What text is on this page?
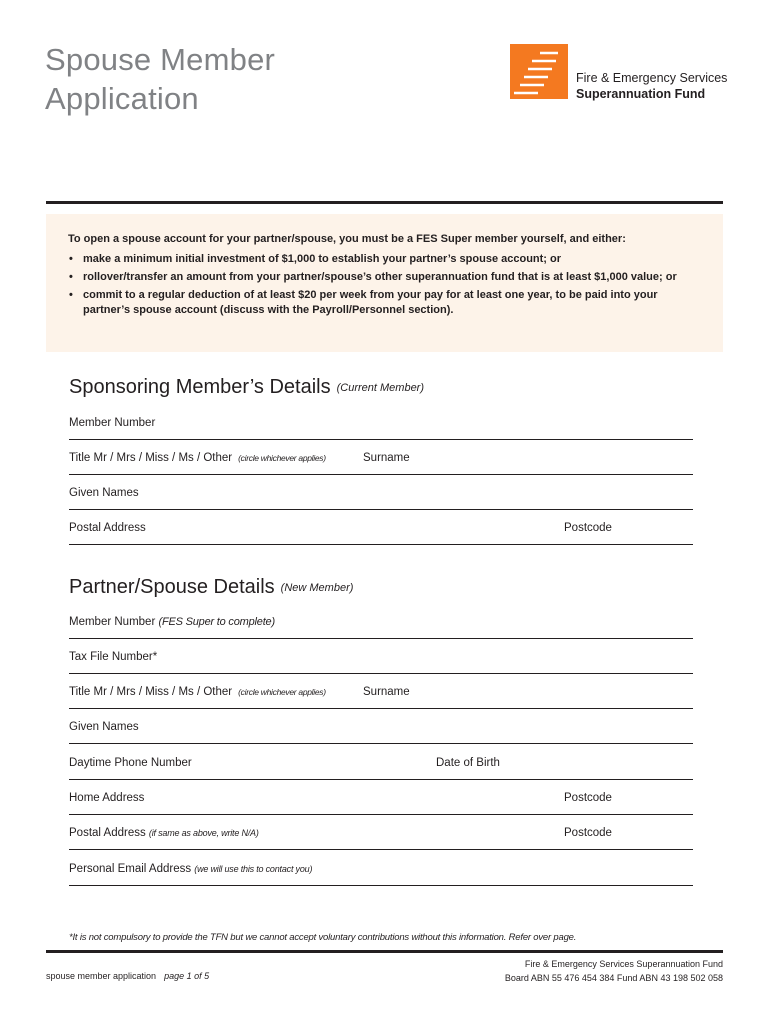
Spouse Member
Application
Fire & Emergency Services
Superannuation Fund
To open a spouse account for your partner/spouse, you must be a FES Super member yourself, and either:
• make a minimum initial investment of $1,000 to establish your partner’s spouse account; or
• rollover/transfer an amount from your partner/spouse’s other superannuation fund that is at least $1,000 value; or
• commit to a regular deduction of at least $20 per week from your pay for at least one year, to be paid into your partner’s spouse account (discuss with the Payroll/Personnel section).
Sponsoring Member’s Details (Current Member)
Member Number
Title Mr / Mrs / Miss / Ms / Other (circle whichever applies)	Surname
Given Names
Postal Address	Postcode
Partner/Spouse Details (New Member)
Member Number (FES Super to complete)
Tax File Number*
Title Mr / Mrs / Miss / Ms / Other (circle whichever applies)	Surname
Given Names
Daytime Phone Number	Date of Birth
Home Address	Postcode
Postal Address (if same as above, write N/A)	Postcode
Personal Email Address (we will use this to contact you)
*It is not compulsory to provide the TFN but we cannot accept voluntary contributions without this information. Refer over page.
spouse member application page 1 of 5
Fire & Emergency Services Superannuation Fund
Board ABN 55 476 454 384 Fund ABN 43 198 502 058
